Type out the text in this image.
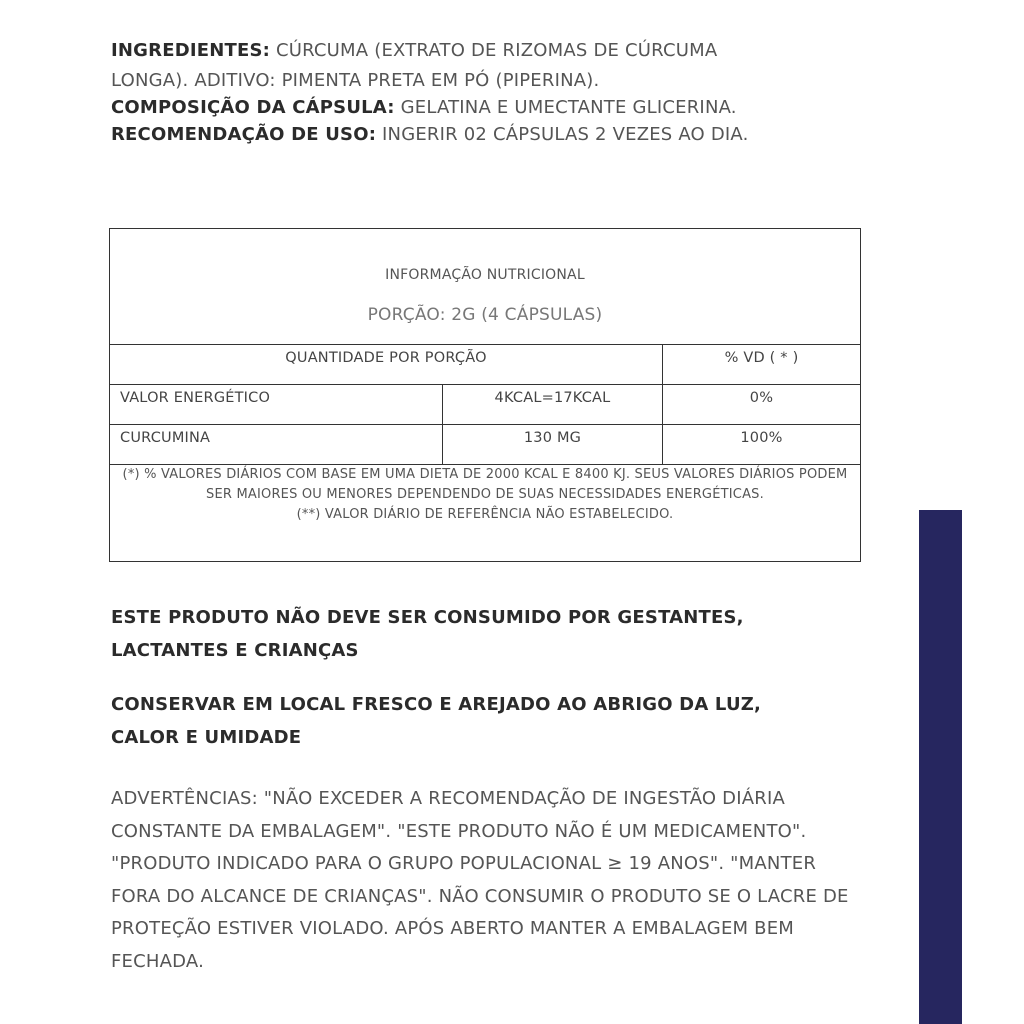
INGREDIENTES: CÚRCUMA (EXTRATO DE RIZOMAS DE CÚRCUMA

LONGA). ADITIVO: PIMENTA PRETA EM PÓ (PIPERINA).

COMPOSIÇÃO DA CÁPSULA: GELATINA E UMECTANTE GLICERINA.

RECOMENDAÇÃO DE USO: INGERIR 02 CÁPSULAS 2 VEZES AO DIA.

INFORMAÇÃO NUTRICIONAL
PORÇÃO: 2G (4 CÁPSULAS)
QUANTIDADE POR PORÇÃO	% VD ( * )
VALOR ENERGÉTICO	4KCAL=17KCAL	0%
CURCUMINA	130 MG	100%

(*) % VALORES DIÁRIOS COM BASE EM UMA DIETA DE 2000 KCAL E 8400 KJ. SEUS VALORES DIÁRIOS PODEM SER MAIORES OU MENORES DEPENDENDO DE SUAS NECESSIDADES ENERGÉTICAS.

(**) VALOR DIÁRIO DE REFERÊNCIA NÃO ESTABELECIDO.

ESTE PRODUTO NÃO DEVE SER CONSUMIDO POR GESTANTES,
LACTANTES E CRIANÇAS

CONSERVAR EM LOCAL FRESCO E AREJADO AO ABRIGO DA LUZ,
CALOR E UMIDADE

ADVERTÊNCIAS: "NÃO EXCEDER A RECOMENDAÇÃO DE INGESTÃO DIÁRIA CONSTANTE DA EMBALAGEM". "ESTE PRODUTO NÃO É UM MEDICAMENTO". "PRODUTO INDICADO PARA O GRUPO POPULACIONAL ≥ 19 ANOS". "MANTER FORA DO ALCANCE DE CRIANÇAS". NÃO CONSUMIR O PRODUTO SE O LACRE DE PROTEÇÃO ESTIVER VIOLADO. APÓS ABERTO MANTER A EMBALAGEM BEM FECHADA.
